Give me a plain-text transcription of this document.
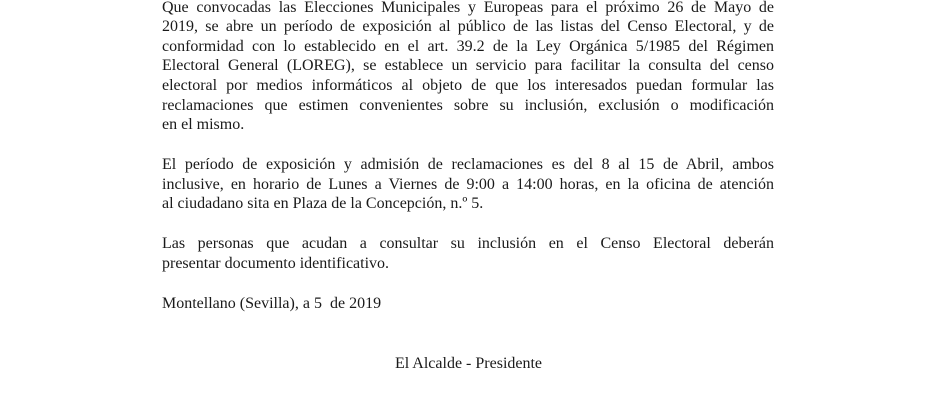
Que convocadas las Elecciones Municipales y Europeas para el próximo 26 de Mayo de
2019, se abre un período de exposición al público de las listas del Censo Electoral, y de
conformidad con lo establecido en el art. 39.2 de la Ley Orgánica 5/1985 del Régimen
Electoral General (LOREG), se establece un servicio para facilitar la consulta del censo
electoral por medios informáticos al objeto de que los interesados puedan formular las
reclamaciones que estimen convenientes sobre su inclusión, exclusión o modificación
en el mismo.
El período de exposición y admisión de reclamaciones es del 8 al 15 de Abril, ambos
inclusive, en horario de Lunes a Viernes de 9:00 a 14:00 horas, en la oficina de atención
al ciudadano sita en Plaza de la Concepción, n.º 5.
Las personas que acudan a consultar su inclusión en el Censo Electoral deberán
presentar documento identificativo.
Montellano (Sevilla), a 5  de 2019
El Alcalde - Presidente
